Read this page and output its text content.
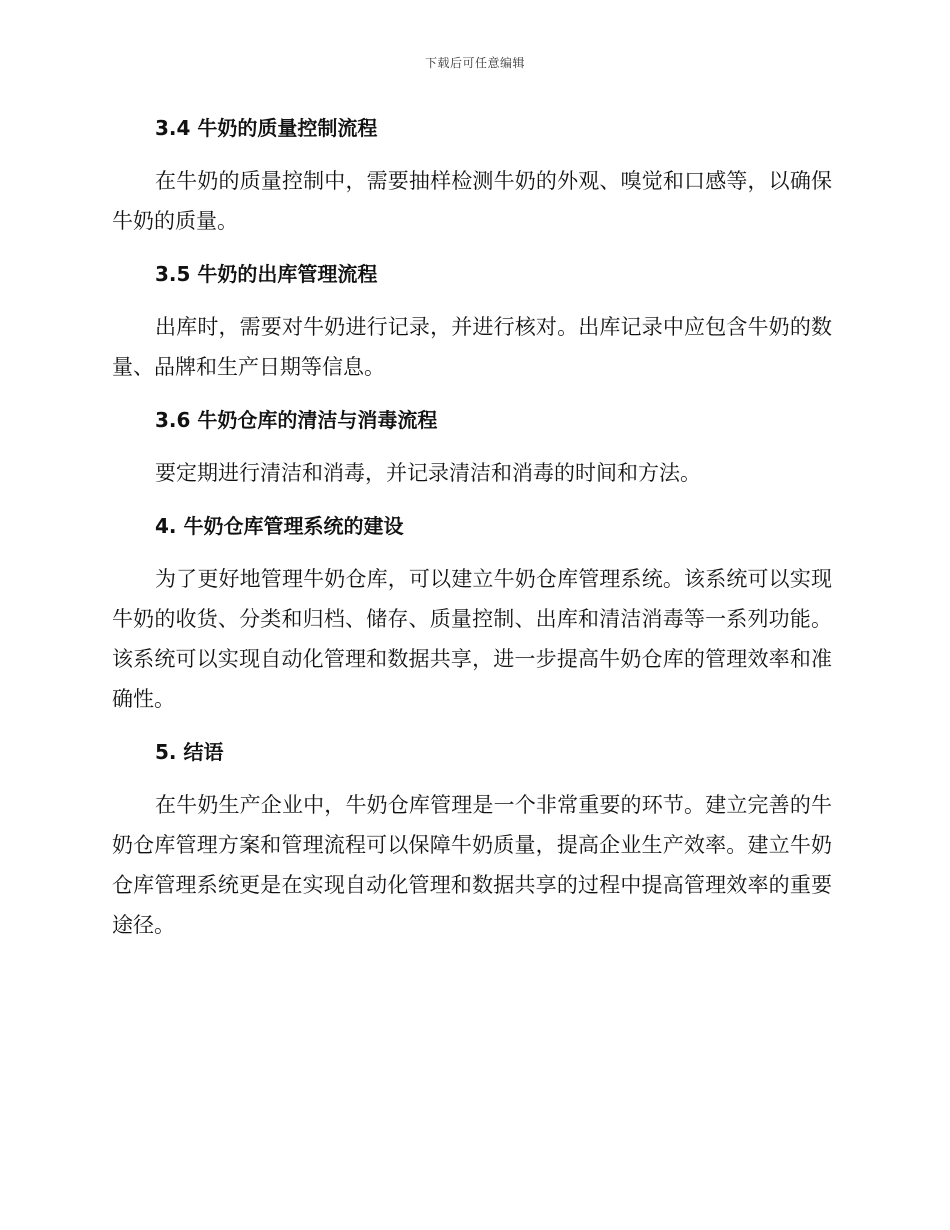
下载后可任意编辑
3.4 牛奶的质量控制流程

在牛奶的质量控制中，需要抽样检测牛奶的外观、嗅觉和口感等，以确保牛奶的质量。

3.5 牛奶的出库管理流程

出库时，需要对牛奶进行记录，并进行核对。出库记录中应包含牛奶的数量、品牌和生产日期等信息。

3.6 牛奶仓库的清洁与消毒流程

要定期进行清洁和消毒，并记录清洁和消毒的时间和方法。

4. 牛奶仓库管理系统的建设

为了更好地管理牛奶仓库，可以建立牛奶仓库管理系统。该系统可以实现牛奶的收货、分类和归档、储存、质量控制、出库和清洁消毒等一系列功能。该系统可以实现自动化管理和数据共享，进一步提高牛奶仓库的管理效率和准确性。

5. 结语

在牛奶生产企业中，牛奶仓库管理是一个非常重要的环节。建立完善的牛奶仓库管理方案和管理流程可以保障牛奶质量，提高企业生产效率。建立牛奶仓库管理系统更是在实现自动化管理和数据共享的过程中提高管理效率的重要途径。
